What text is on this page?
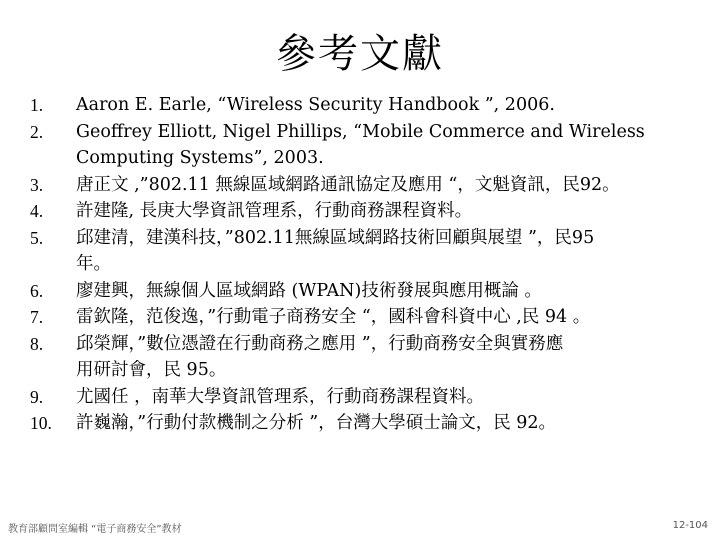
參考文獻
1.	Aaron E. Earle, “Wireless Security Handbook ”, 2006.
2.	Geoffrey Elliott, Nigel Phillips, “Mobile Commerce and Wireless
Computing Systems”, 2003.
3.	唐正文 ,”802.11 無線區域網路通訊協定及應用 “，文魁資訊，民92。
4.	許建隆, 長庚大學資訊管理系，行動商務課程資料。
5.	邱建清，建漢科技，”802.11無線區域網路技術回顧與展望 ”，民95
年。
6.	廖建興，無線個人區域網路 (WPAN)技術發展與應用概論 。
7.	雷欽隆，范俊逸，”行動電子商務安全 “，國科會科資中心 ,民 94 。
8.	邱榮輝，”數位憑證在行動商務之應用 ”，行動商務安全與實務應
用研討會，民 95。
9.	尤國任 ，南華大學資訊管理系，行動商務課程資料。
10.	許巍瀚，”行動付款機制之分析 ”，台灣大學碩士論文，民 92。
教育部顧問室編輯 “電子商務安全”教材	12-104
